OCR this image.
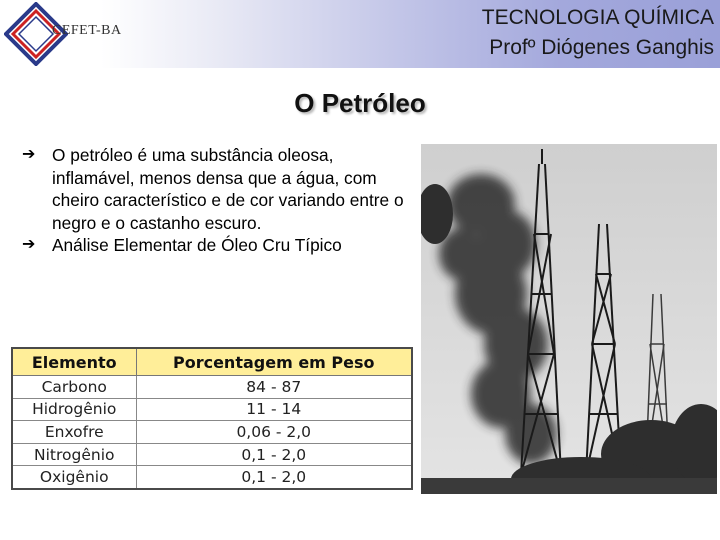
CEFET-BA
TECNOLOGIA QUÍMICA
Profº Diógenes Ganghis
O Petróleo
➔ O petróleo é uma substância oleosa, inflamável, menos densa que a água, com cheiro característico e de cor variando entre o negro e o castanho escuro.
➔ Análise Elementar de Óleo Cru Típico
Elemento	Porcentagem em Peso
Carbono	84 - 87
Hidrogênio	11 - 14
Enxofre	0,06 - 2,0
Nitrogênio	0,1 - 2,0
Oxigênio	0,1 - 2,0
